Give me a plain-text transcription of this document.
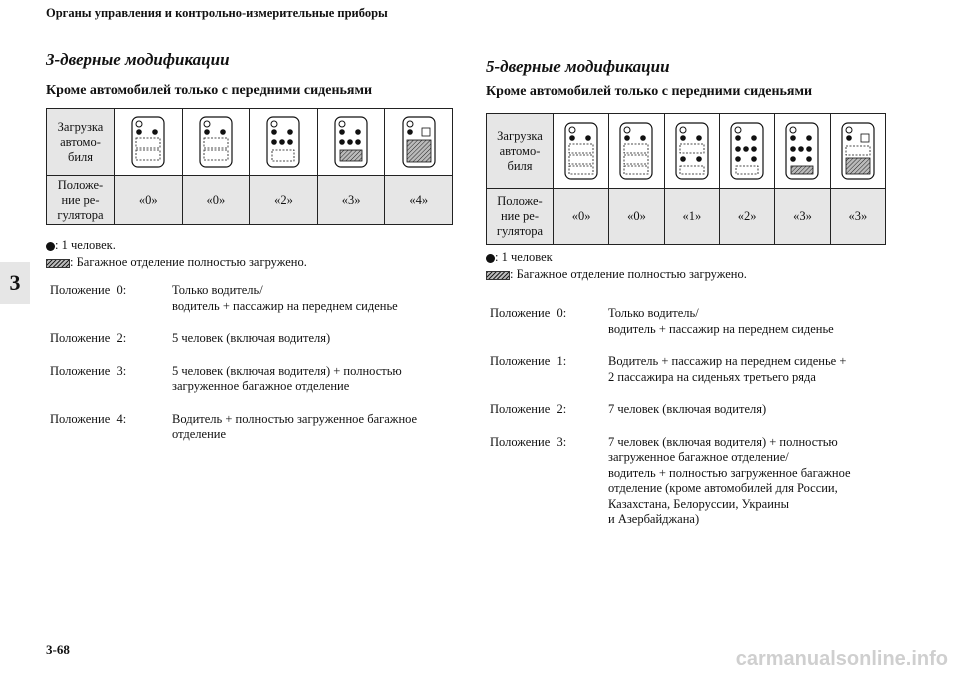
Органы управления и контрольно-измерительные приборы
3
3-дверные модификации
Кроме автомобилей только с передними сиденьями
Загрузка автомо- биля	

Положе- ние ре- гулятора	«0»	«0»	«2»	«3»	«4»
: 1 человек.
: Багажное отделение полностью загружено.
Положение  0:	Только водитель/
водитель + пассажир на переднем сиденье
Положение  2:	5 человек (включая водителя)
Положение  3:	5 человек (включая водителя) + полностью
загруженное багажное отделение
Положение  4:	Водитель + полностью загруженное багажное
отделение
5-дверные модификации
Кроме автомобилей только с передними сиденьями
Загрузка автомо- биля	

Положе- ние ре- гулятора	«0»	«0»	«1»	«2»	«3»	«3»
: 1 человек
: Багажное отделение полностью загружено.
Положение  0:	Только водитель/
водитель + пассажир на переднем сиденье
Положение  1:	Водитель + пассажир на переднем сиденье +
2 пассажира на сиденьях третьего ряда
Положение  2:	7 человек (включая водителя)
Положение  3:	7 человек (включая водителя) + полностью
загруженное багажное отделение/
водитель + полностью загруженное багажное
отделение (кроме автомобилей для России,
Казахстана, Белоруссии, Украины
и Азербайджана)
3-68	carmanualsonline.info
